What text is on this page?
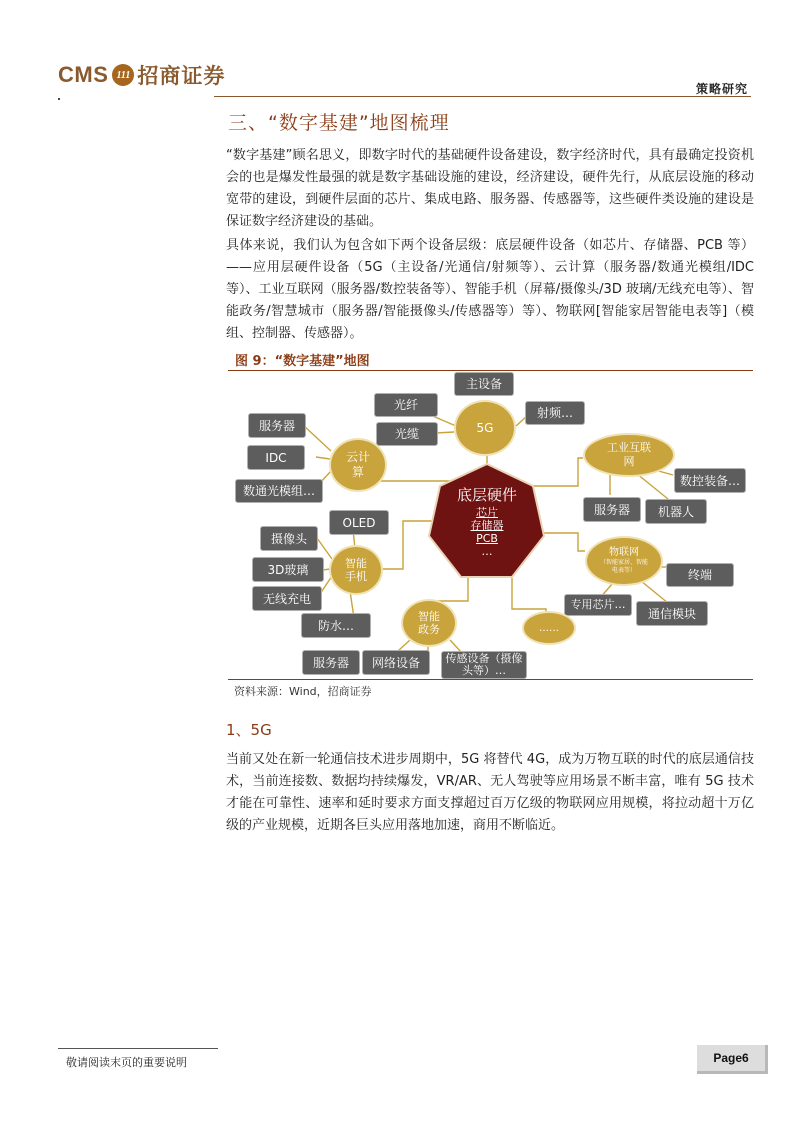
CMS 111 招商证券
策略研究
三、“数字基建”地图梳理
“数字基建”顾名思义，即数字时代的基础硬件设备建设，数字经济时代，具有最确定投资机会的也是爆发性最强的就是数字基础设施的建设，经济建设，硬件先行，从底层设施的移动宽带的建设，到硬件层面的芯片、集成电路、服务器、传感器等，这些硬件类设施的建设是保证数字经济建设的基础。
具体来说，我们认为包含如下两个设备层级：底层硬件设备（如芯片、存储器、PCB 等）——应用层硬件设备（5G（主设备/光通信/射频等）、云计算（服务器/数通光模组/IDC 等）、工业互联网（服务器/数控装备等）、智能手机（屏幕/摄像头/3D 玻璃/无线充电等）、智能政务/智慧城市（服务器/智能摄像头/传感器等）等）、物联网[智能家居智能电表等]（模组、控制器、传感器）。
图 9：“数字基建”地图
底层硬件
芯片
存储器
PCB
…
5G
主设备
光纤
光缆
射频…
云计算
服务器
IDC
数通光模组…
工业互联网
数控装备…
服务器	机器人
智能手机
OLED
摄像头
3D玻璃
无线充电
防水…
智能政务
服务器	网络设备	传感设备（摄像头等）…
物联网
（智能家居、智能电表等）	终端
专用芯片…
通信模块
……
资料来源：Wind，招商证券
1、5G
当前又处在新一轮通信技术进步周期中，5G 将替代 4G，成为万物互联的时代的底层通信技术，当前连接数、数据均持续爆发，VR/AR、无人驾驶等应用场景不断丰富，唯有 5G 技术才能在可靠性、速率和延时要求方面支撑超过百万亿级的物联网应用规模，将拉动超十万亿级的产业规模，近期各巨头应用落地加速，商用不断临近。
敬请阅读末页的重要说明	Page6
